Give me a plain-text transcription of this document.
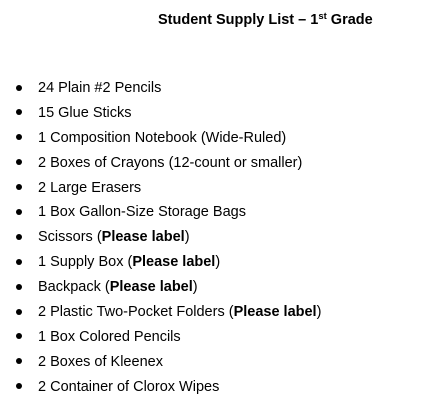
Student Supply List – 1st Grade
24 Plain #2 Pencils
15 Glue Sticks
1 Composition Notebook (Wide-Ruled)
2 Boxes of Crayons (12-count or smaller)
2 Large Erasers
1 Box Gallon-Size Storage Bags
Scissors (Please label)
1 Supply Box (Please label)
Backpack (Please label)
2 Plastic Two-Pocket Folders (Please label)
1 Box Colored Pencils
2 Boxes of Kleenex
2 Container of Clorox Wipes
